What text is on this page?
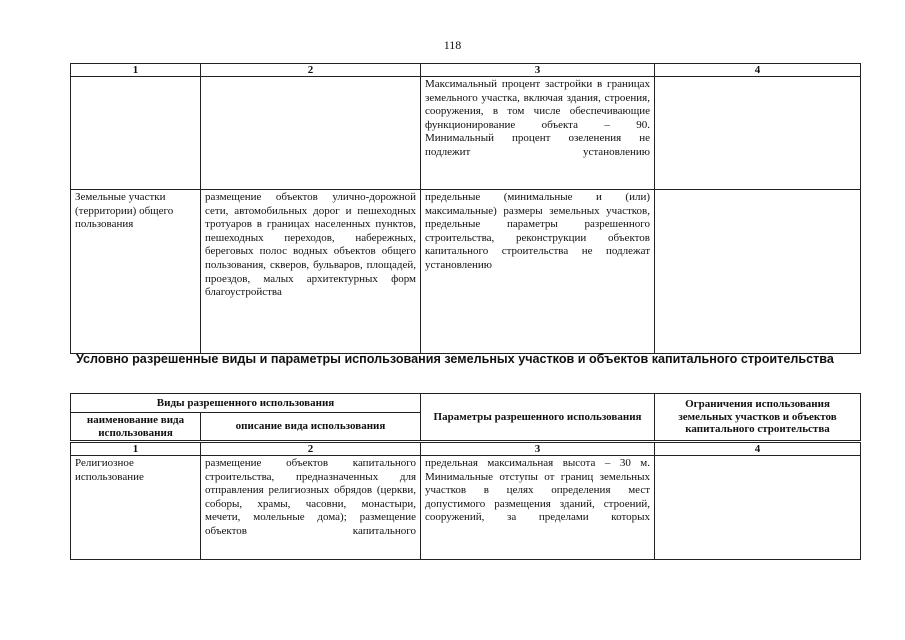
118
1	2	3	4
		Максимальный процент застройки в границах земельного участка, включая здания, строения, сооружения, в том числе обеспечивающие функционирование объекта – 90. Минимальный процент озеленения не подлежит установлению	
Земельные участки (территории) общего пользования	размещение объектов улично-дорожной сети, автомобильных дорог и пешеходных тротуаров в границах населенных пунктов, пешеходных переходов, набережных, береговых полос водных объектов общего пользования, скверов, бульваров, площадей, проездов, малых архитектурных форм благоустройства	предельные (минимальные и (или) максимальные) размеры земельных участков, предельные параметры разрешенного строительства, реконструкции объектов капитального строительства не подлежат установлению	
Условно разрешенные виды и параметры использования земельных участков и объектов капитального строительства
Виды разрешенного использования		Параметры разрешенного использования	Ограничения использования земельных участков и объектов капитального строительства
наименование вида использования	описание вида использования		
1	2	3	4
Религиозное использование	размещение объектов капитального строительства, предназначенных для отправления религиозных обрядов (церкви, соборы, храмы, часовни, монастыри, мечети, молельные дома); размещение объектов капитального	предельная максимальная высота – 30 м. Минимальные отступы от границ земельных участков в целях определения мест допустимого размещения зданий, строений, сооружений, за пределами которых	
